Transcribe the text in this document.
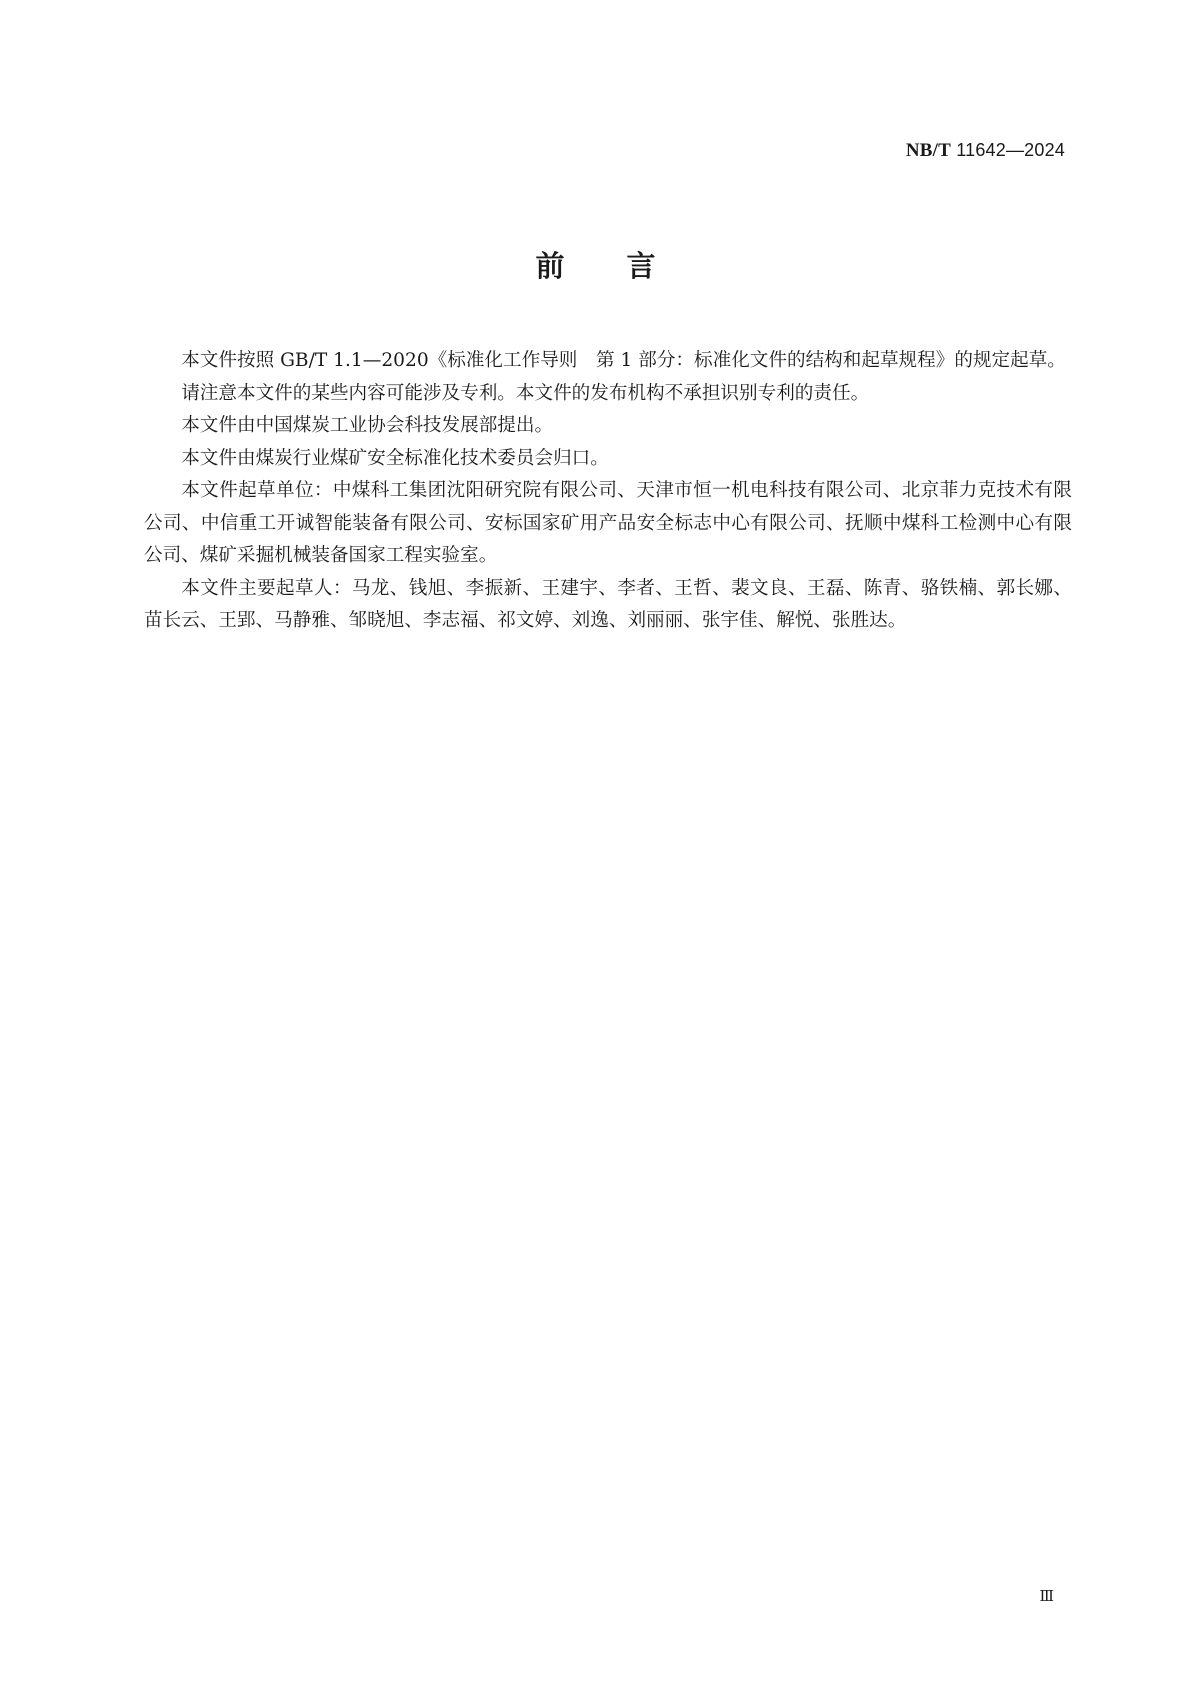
NB/T 11642—2024
前言

本文件按照 GB/T 1.1—2020《标准化工作导则　第 1 部分：标准化文件的结构和起草规程》的规定起草。

请注意本文件的某些内容可能涉及专利。本文件的发布机构不承担识别专利的责任。

本文件由中国煤炭工业协会科技发展部提出。

本文件由煤炭行业煤矿安全标准化技术委员会归口。

本文件起草单位：中煤科工集团沈阳研究院有限公司、天津市恒一机电科技有限公司、北京菲力克技术有限公司、中信重工开诚智能装备有限公司、安标国家矿用产品安全标志中心有限公司、抚顺中煤科工检测中心有限公司、煤矿采掘机械装备国家工程实验室。

本文件主要起草人：马龙、钱旭、李振新、王建宇、李者、王哲、裴文良、王磊、陈青、骆铁楠、郭长娜、苗长云、王郢、马静雅、邹晓旭、李志福、祁文婷、刘逸、刘丽丽、张宇佳、解悦、张胜达。

Ⅲ
